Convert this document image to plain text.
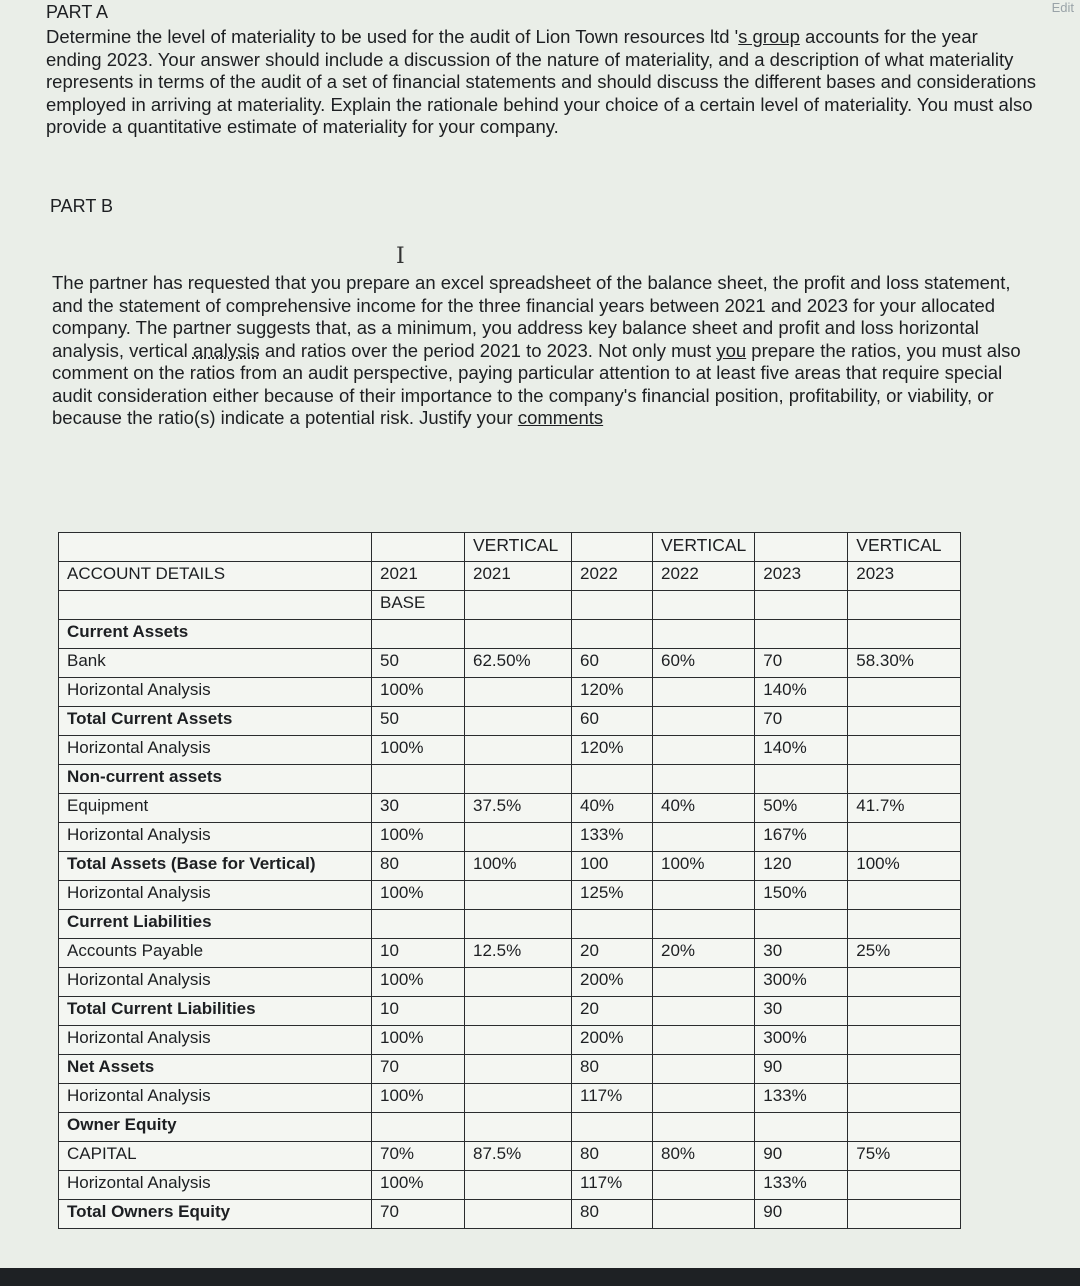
Edit
PART A
Determine the level of materiality to be used for the audit of Lion Town resources ltd 's group accounts for the year ending 2023. Your answer should include a discussion of the nature of materiality, and a description of what materiality represents in terms of the audit of a set of financial statements and should discuss the different bases and considerations employed in arriving at materiality. Explain the rationale behind your choice of a certain level of materiality. You must also provide a quantitative estimate of materiality for your company.
PART B
I
The partner has requested that you prepare an excel spreadsheet of the balance sheet, the profit and loss statement, and the statement of comprehensive income for the three financial years between 2021 and 2023 for your allocated company. The partner suggests that, as a minimum, you address key balance sheet and profit and loss horizontal analysis, vertical analysis and ratios over the period 2021 to 2023. Not only must you prepare the ratios, you must also comment on the ratios from an audit perspective, paying particular attention to at least five areas that require special audit consideration either because of their importance to the company's financial position, profitability, or viability, or because the ratio(s) indicate a potential risk. Justify your comments
		VERTICAL		VERTICAL		VERTICAL
ACCOUNT DETAILS	2021	2021	2022	2022	2023	2023
	BASE					
Current Assets						
Bank	50	62.50%	60	60%	70	58.30%
Horizontal Analysis	100%		120%		140%	
Total Current Assets	50		60		70	
Horizontal Analysis	100%		120%		140%	
Non-current assets						
Equipment	30	37.5%	40%	40%	50%	41.7%
Horizontal Analysis	100%		133%		167%	
Total Assets (Base for Vertical)	80	100%	100	100%	120	100%
Horizontal Analysis	100%		125%		150%	
Current Liabilities						
Accounts Payable	10	12.5%	20	20%	30	25%
Horizontal Analysis	100%		200%		300%	
Total Current Liabilities	10		20		30	
Horizontal Analysis	100%		200%		300%	
Net Assets	70		80		90	
Horizontal Analysis	100%		117%		133%	
Owner Equity						
CAPITAL	70%	87.5%	80	80%	90	75%
Horizontal Analysis	100%		117%		133%	
Total Owners Equity	70		80		90	
